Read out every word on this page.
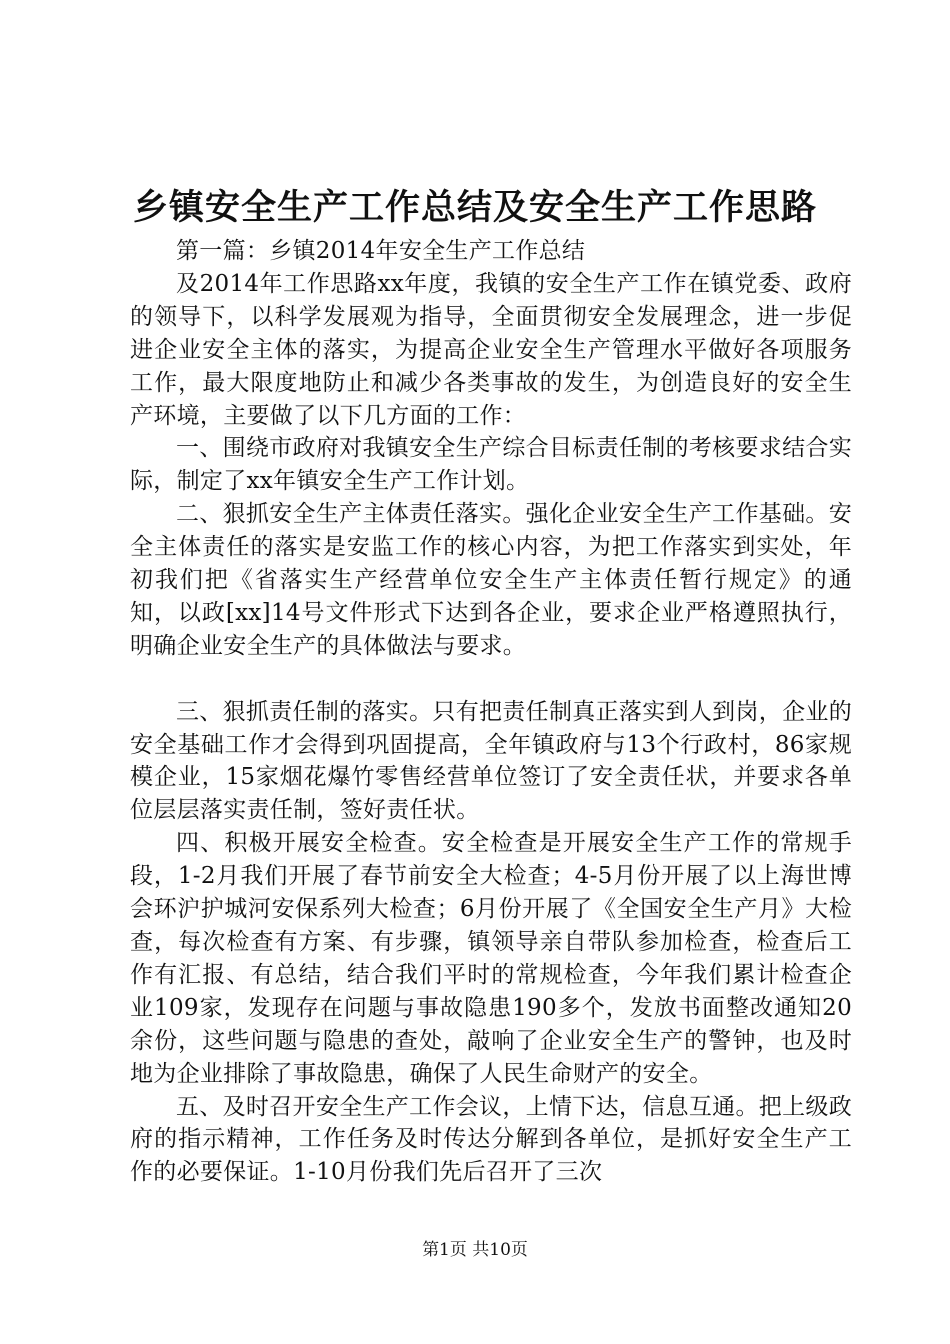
乡镇安全生产工作总结及安全生产工作思路

第一篇：乡镇2014年安全生产工作总结

及2014年工作思路xx年度，我镇的安全生产工作在镇党委、政府的领导下，以科学发展观为指导，全面贯彻安全发展理念，进一步促进企业安全主体的落实，为提高企业安全生产管理水平做好各项服务工作，最大限度地防止和减少各类事故的发生，为创造良好的安全生产环境，主要做了以下几方面的工作：

一、围绕市政府对我镇安全生产综合目标责任制的考核要求结合实际，制定了xx年镇安全生产工作计划。

二、狠抓安全生产主体责任落实。强化企业安全生产工作基础。安全主体责任的落实是安监工作的核心内容，为把工作落实到实处，年初我们把《省落实生产经营单位安全生产主体责任暂行规定》的通知，以政[xx]14号文件形式下达到各企业，要求企业严格遵照执行，明确企业安全生产的具体做法与要求。

三、狠抓责任制的落实。只有把责任制真正落实到人到岗，企业的安全基础工作才会得到巩固提高，全年镇政府与13个行政村，86家规模企业，15家烟花爆竹零售经营单位签订了安全责任状，并要求各单位层层落实责任制，签好责任状。

四、积极开展安全检查。安全检查是开展安全生产工作的常规手段，1-2月我们开展了春节前安全大检查；4-5月份开展了以上海世博会环沪护城河安保系列大检查；6月份开展了《全国安全生产月》大检查，每次检查有方案、有步骤，镇领导亲自带队参加检查，检查后工作有汇报、有总结，结合我们平时的常规检查，今年我们累计检查企业109家，发现存在问题与事故隐患190多个，发放书面整改通知20余份，这些问题与隐患的查处，敲响了企业安全生产的警钟，也及时地为企业排除了事故隐患，确保了人民生命财产的安全。

五、及时召开安全生产工作会议，上情下达，信息互通。把上级政府的指示精神，工作任务及时传达分解到各单位，是抓好安全生产工作的必要保证。1-10月份我们先后召开了三次

第1页 共10页
